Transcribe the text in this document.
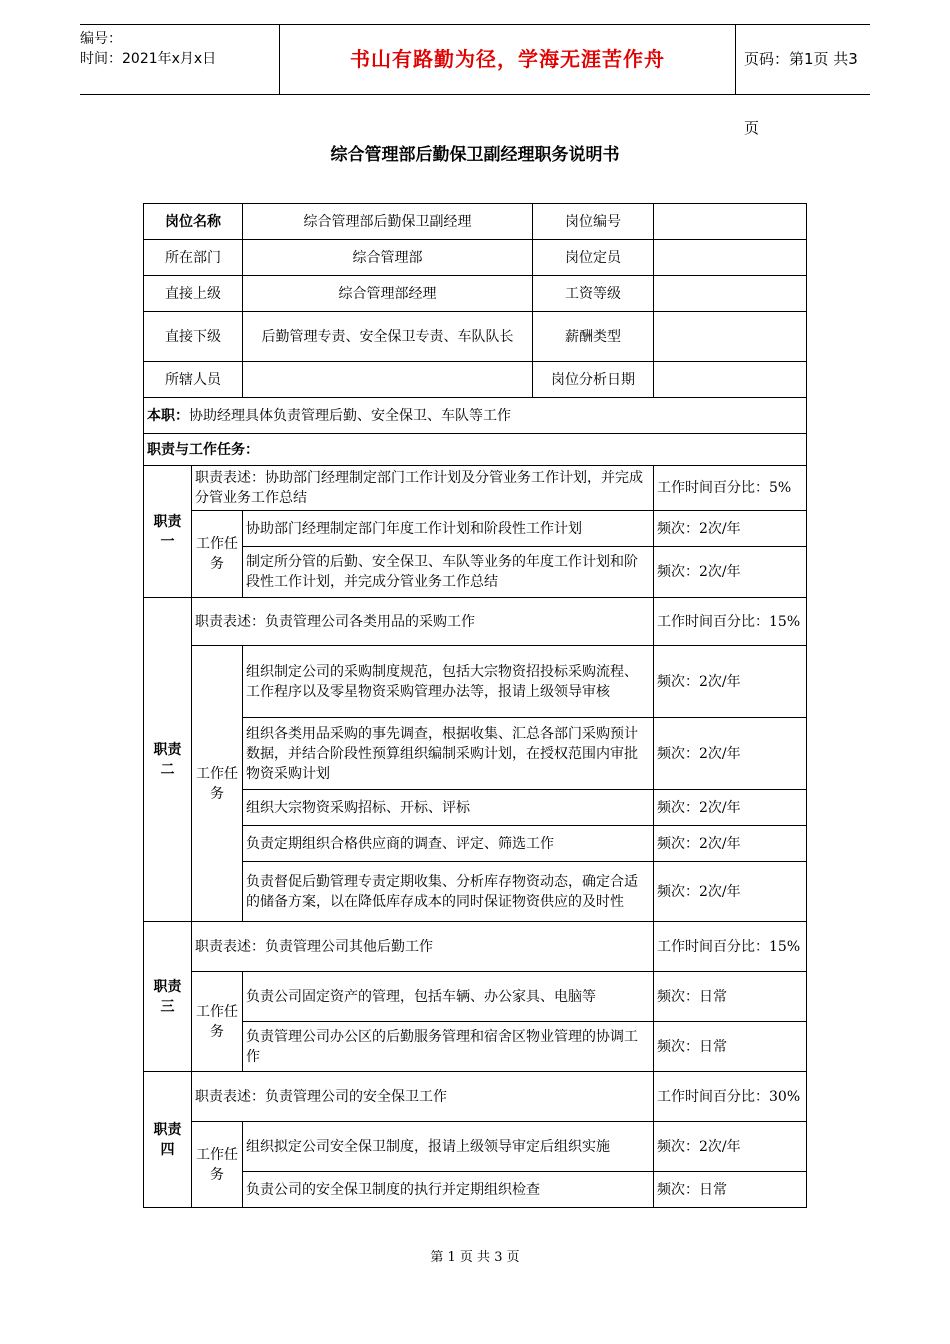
编号：
时间：2021年x月x日	书山有路勤为径，学海无涯苦作舟	页码：第1页 共3页
综合管理部后勤保卫副经理职务说明书
岗位名称		综合管理部后勤保卫副经理	岗位编号	
所在部门		综合管理部	岗位定员	
直接上级		综合管理部经理	工资等级	
直接下级		后勤管理专责、安全保卫专责、车队队长	薪酬类型	
所辖人员			岗位分析日期	
本职：协助经理具体负责管理后勤、安全保卫、车队等工作				
职责与工作任务：				
职责一	职责表述：协助部门经理制定部门工作计划及分管业务工作计划，并完成分管业务工作总结			工作时间百分比：5%
	工作任务	协助部门经理制定部门年度工作计划和阶段性工作计划		频次：2次/年
		制定所分管的后勤、安全保卫、车队等业务的年度工作计划和阶段性工作计划，并完成分管业务工作总结		频次：2次/年
职责二	职责表述：负责管理公司各类用品的采购工作			工作时间百分比：15%
	工作任务	组织制定公司的采购制度规范，包括大宗物资招投标采购流程、工作程序以及零星物资采购管理办法等，报请上级领导审核		频次：2次/年
		组织各类用品采购的事先调查，根据收集、汇总各部门采购预计数据，并结合阶段性预算组织编制采购计划，在授权范围内审批物资采购计划		频次：2次/年
		组织大宗物资采购招标、开标、评标		频次：2次/年
		负责定期组织合格供应商的调查、评定、筛选工作		频次：2次/年
		负责督促后勤管理专责定期收集、分析库存物资动态，确定合适的储备方案，以在降低库存成本的同时保证物资供应的及时性		频次：2次/年
职责三	职责表述：负责管理公司其他后勤工作			工作时间百分比：15%
	工作任务	负责公司固定资产的管理，包括车辆、办公家具、电脑等		频次：日常
		负责管理公司办公区的后勤服务管理和宿舍区物业管理的协调工作		频次：日常
职责四	职责表述：负责管理公司的安全保卫工作			工作时间百分比：30%
	工作任务	组织拟定公司安全保卫制度，报请上级领导审定后组织实施		频次：2次/年
		负责公司的安全保卫制度的执行并定期组织检查		频次：日常
第 1 页 共 3 页
